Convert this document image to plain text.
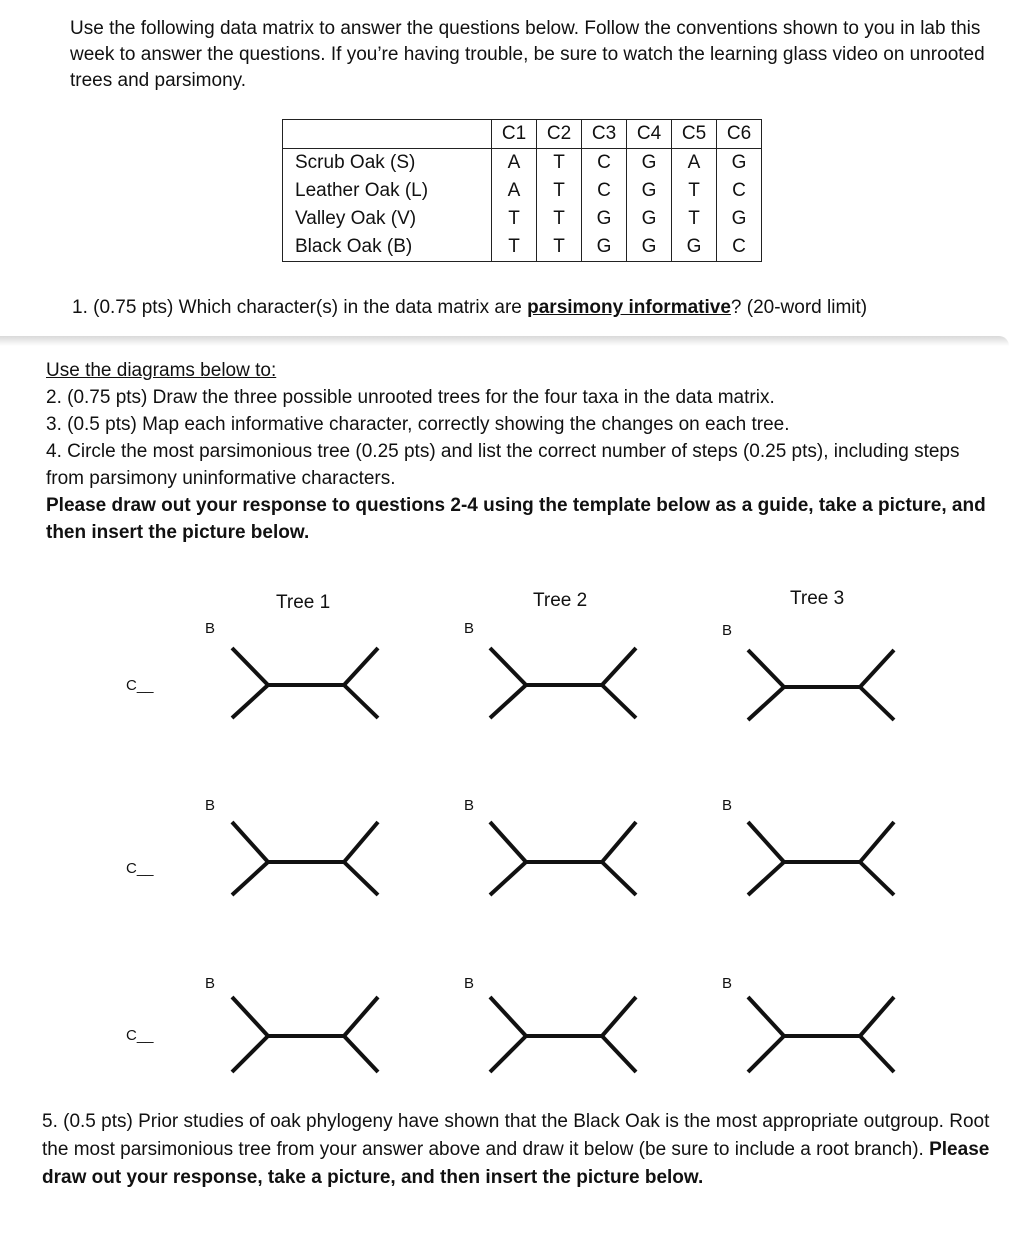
Use the following data matrix to answer the questions below. Follow the conventions shown to you in lab this week to answer the questions. If you’re having trouble, be sure to watch the learning glass video on unrooted trees and parsimony.

	C1	C2	C3	C4	C5	C6
Scrub Oak (S)	A	T	C	G	A	G
Leather Oak (L)	A	T	C	G	T	C
Valley Oak (V)	T	T	G	G	T	G
Black Oak (B)	T	T	G	G	G	C

1. (0.75 pts) Which character(s) in the data matrix are parsimony informative? (20-word limit)

Use the diagrams below to:

2. (0.75 pts) Draw the three possible unrooted trees for the four taxa in the data matrix.

3. (0.5 pts) Map each informative character, correctly showing the changes on each tree.

4. Circle the most parsimonious tree (0.25 pts) and list the correct number of steps (0.25 pts), including steps from parsimony uninformative characters.

Please draw out your response to questions 2-4 using the template below as a guide, take a picture, and then insert the picture below.

Tree 1	Tree 2	Tree 3
B	B	B
B	B	B
B	B	B
C__
C__
C__

5. (0.5 pts) Prior studies of oak phylogeny have shown that the Black Oak is the most appropriate outgroup. Root the most parsimonious tree from your answer above and draw it below (be sure to include a root branch). Please draw out your response, take a picture, and then insert the picture below.
